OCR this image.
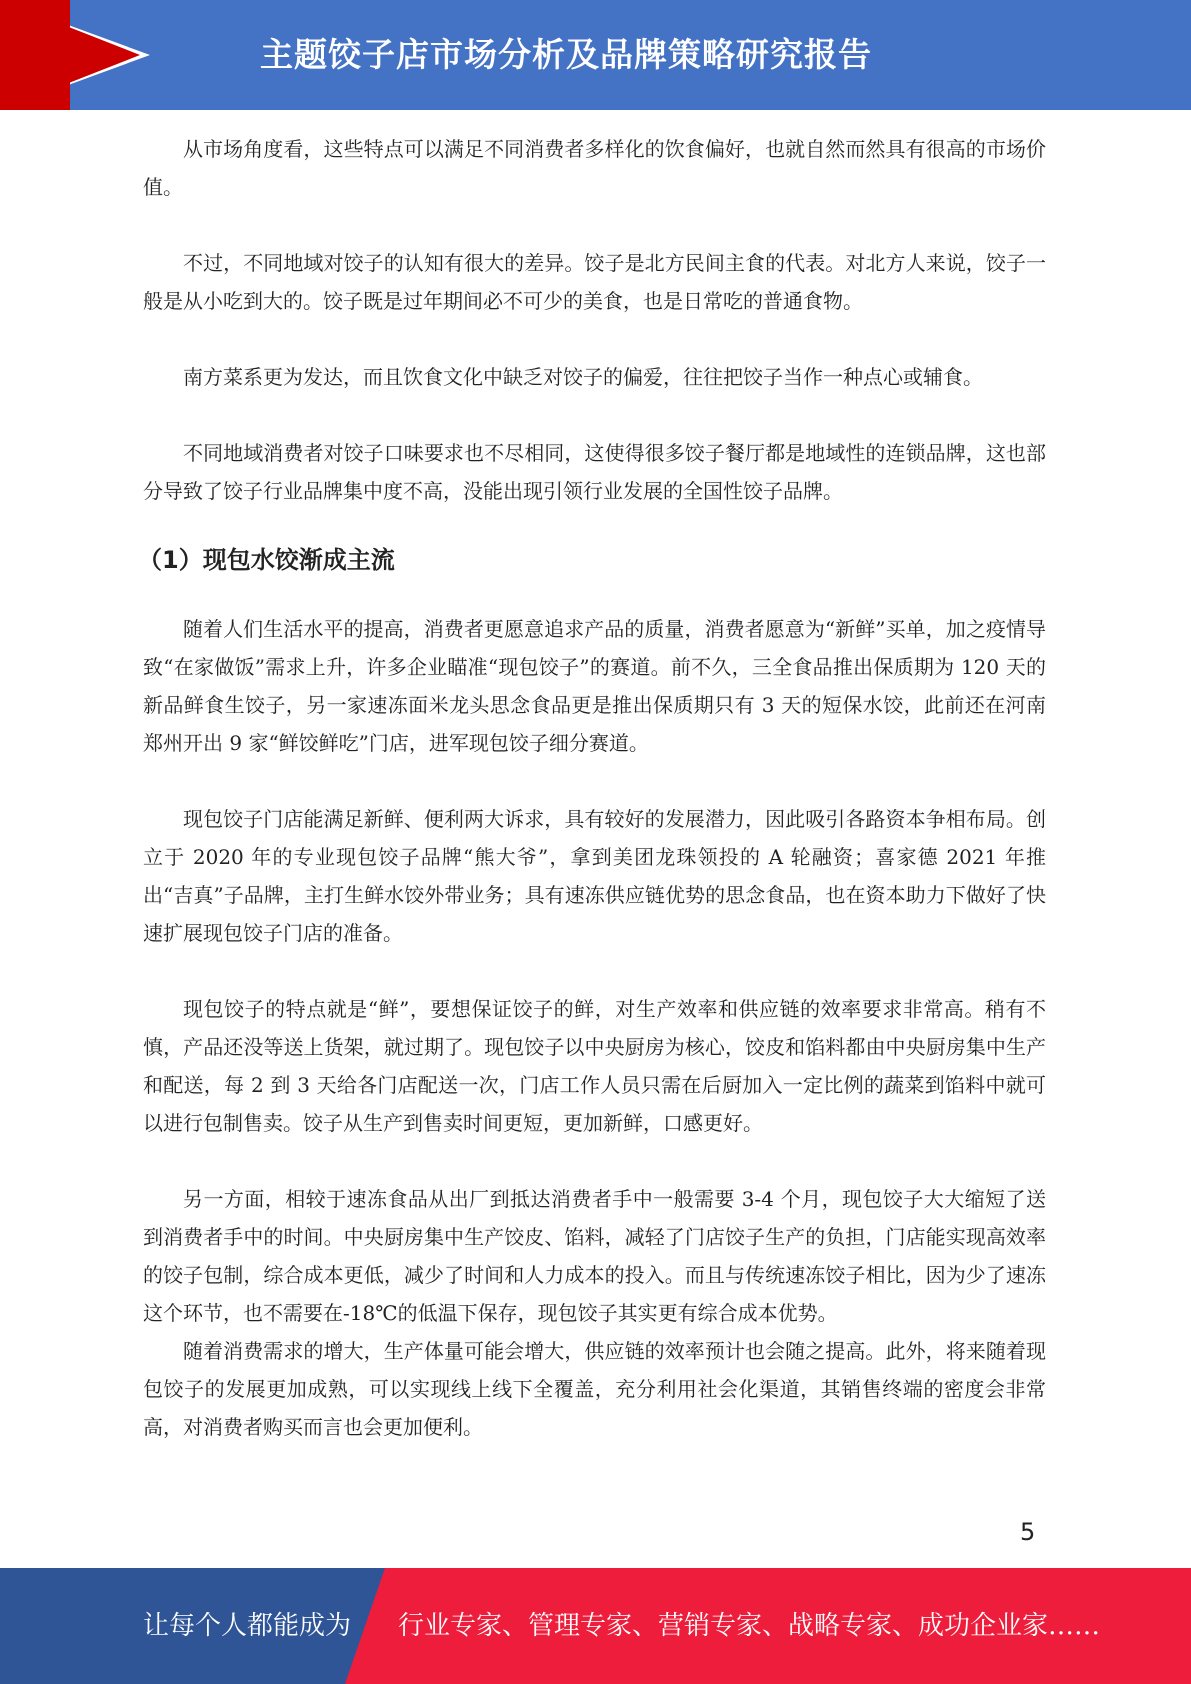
主题饺子店市场分析及品牌策略研究报告

从市场角度看，这些特点可以满足不同消费者多样化的饮食偏好，也就自然而然具有很高的市场价值。

不过，不同地域对饺子的认知有很大的差异。饺子是北方民间主食的代表。对北方人来说，饺子一般是从小吃到大的。饺子既是过年期间必不可少的美食，也是日常吃的普通食物。

南方菜系更为发达，而且饮食文化中缺乏对饺子的偏爱，往往把饺子当作一种点心或辅食。

不同地域消费者对饺子口味要求也不尽相同，这使得很多饺子餐厅都是地域性的连锁品牌，这也部分导致了饺子行业品牌集中度不高，没能出现引领行业发展的全国性饺子品牌。

（1）现包水饺渐成主流

随着人们生活水平的提高，消费者更愿意追求产品的质量，消费者愿意为“新鲜”买单，加之疫情导致“在家做饭”需求上升，许多企业瞄准“现包饺子”的赛道。前不久，三全食品推出保质期为 120 天的新品鲜食生饺子，另一家速冻面米龙头思念食品更是推出保质期只有 3 天的短保水饺，此前还在河南郑州开出 9 家“鲜饺鲜吃”门店，进军现包饺子细分赛道。

现包饺子门店能满足新鲜、便利两大诉求，具有较好的发展潜力，因此吸引各路资本争相布局。创立于 2020 年的专业现包饺子品牌“熊大爷”，拿到美团龙珠领投的 A 轮融资；喜家德 2021 年推出“吉真”子品牌，主打生鲜水饺外带业务；具有速冻供应链优势的思念食品，也在资本助力下做好了快速扩展现包饺子门店的准备。

现包饺子的特点就是“鲜”，要想保证饺子的鲜，对生产效率和供应链的效率要求非常高。稍有不慎，产品还没等送上货架，就过期了。现包饺子以中央厨房为核心，饺皮和馅料都由中央厨房集中生产和配送，每 2 到 3 天给各门店配送一次，门店工作人员只需在后厨加入一定比例的蔬菜到馅料中就可以进行包制售卖。饺子从生产到售卖时间更短，更加新鲜，口感更好。

另一方面，相较于速冻食品从出厂到抵达消费者手中一般需要 3-4 个月，现包饺子大大缩短了送到消费者手中的时间。中央厨房集中生产饺皮、馅料，减轻了门店饺子生产的负担，门店能实现高效率的饺子包制，综合成本更低，减少了时间和人力成本的投入。而且与传统速冻饺子相比，因为少了速冻这个环节，也不需要在-18℃的低温下保存，现包饺子其实更有综合成本优势。

随着消费需求的增大，生产体量可能会增大，供应链的效率预计也会随之提高。此外，将来随着现包饺子的发展更加成熟，可以实现线上线下全覆盖，充分利用社会化渠道，其销售终端的密度会非常高，对消费者购买而言也会更加便利。

5
让每个人都能成为 行业专家、管理专家、营销专家、战略专家、成功企业家……
